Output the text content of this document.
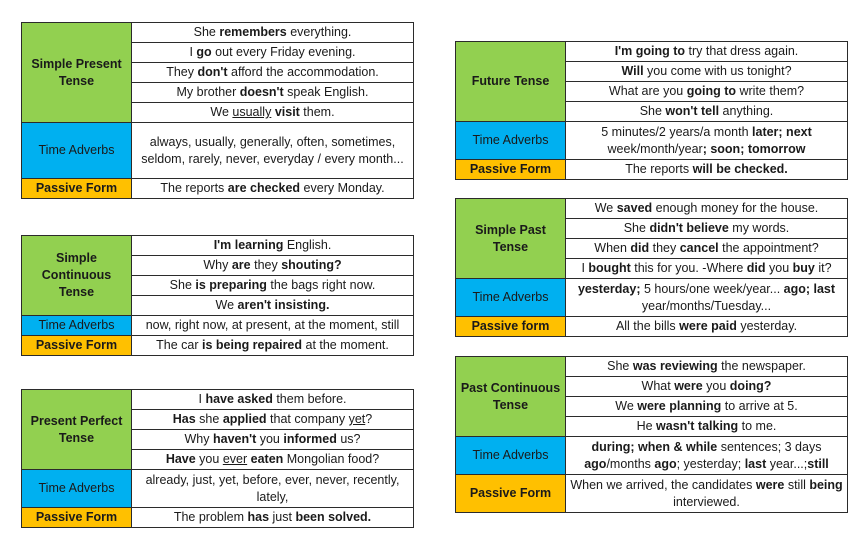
Simple Present Tense	She remembers everything.
	I go out every Friday evening.
	They don't afford the accommodation.
	My brother doesn't speak English.
	We usually visit them.
Time Adverbs	always, usually, generally, often, sometimes, seldom, rarely, never, everyday / every month...
Passive Form	The reports are checked every Monday.
Simple Continuous Tense	I'm learning English.
	Why are they shouting?
	She is preparing the bags right now.
	We aren't insisting.
Time Adverbs	now, right now, at present, at the moment, still
Passive Form	The car is being repaired at the moment.
Present Perfect Tense	I have asked them before.
	Has she applied that company yet?
	Why haven't you informed us?
	Have you ever eaten Mongolian food?
Time Adverbs	already, just, yet, before, ever, never, recently, lately,
Passive Form	The problem has just been solved.
Future Tense	I'm going to try that dress again.
	Will you come with us tonight?
	What are you going to write them?
	She won't tell anything.
Time Adverbs	5 minutes/2 years/a month later; next week/month/year; soon; tomorrow
Passive Form	The reports will be checked.
Simple Past Tense	We saved enough money for the house.
	She didn't believe my words.
	When did they cancel the appointment?
	I bought this for you. -Where did you buy it?
Time Adverbs	yesterday; 5 hours/one week/year... ago; last year/months/Tuesday...
Passive form	All the bills were paid yesterday.
Past Continuous Tense	She was reviewing the newspaper.
	What were you doing?
	We were planning to arrive at 5.
	He wasn't talking to me.
Time Adverbs	during; when & while sentences; 3 days ago/months ago; yesterday; last year...;still
Passive Form	When we arrived, the candidates were still being interviewed.
